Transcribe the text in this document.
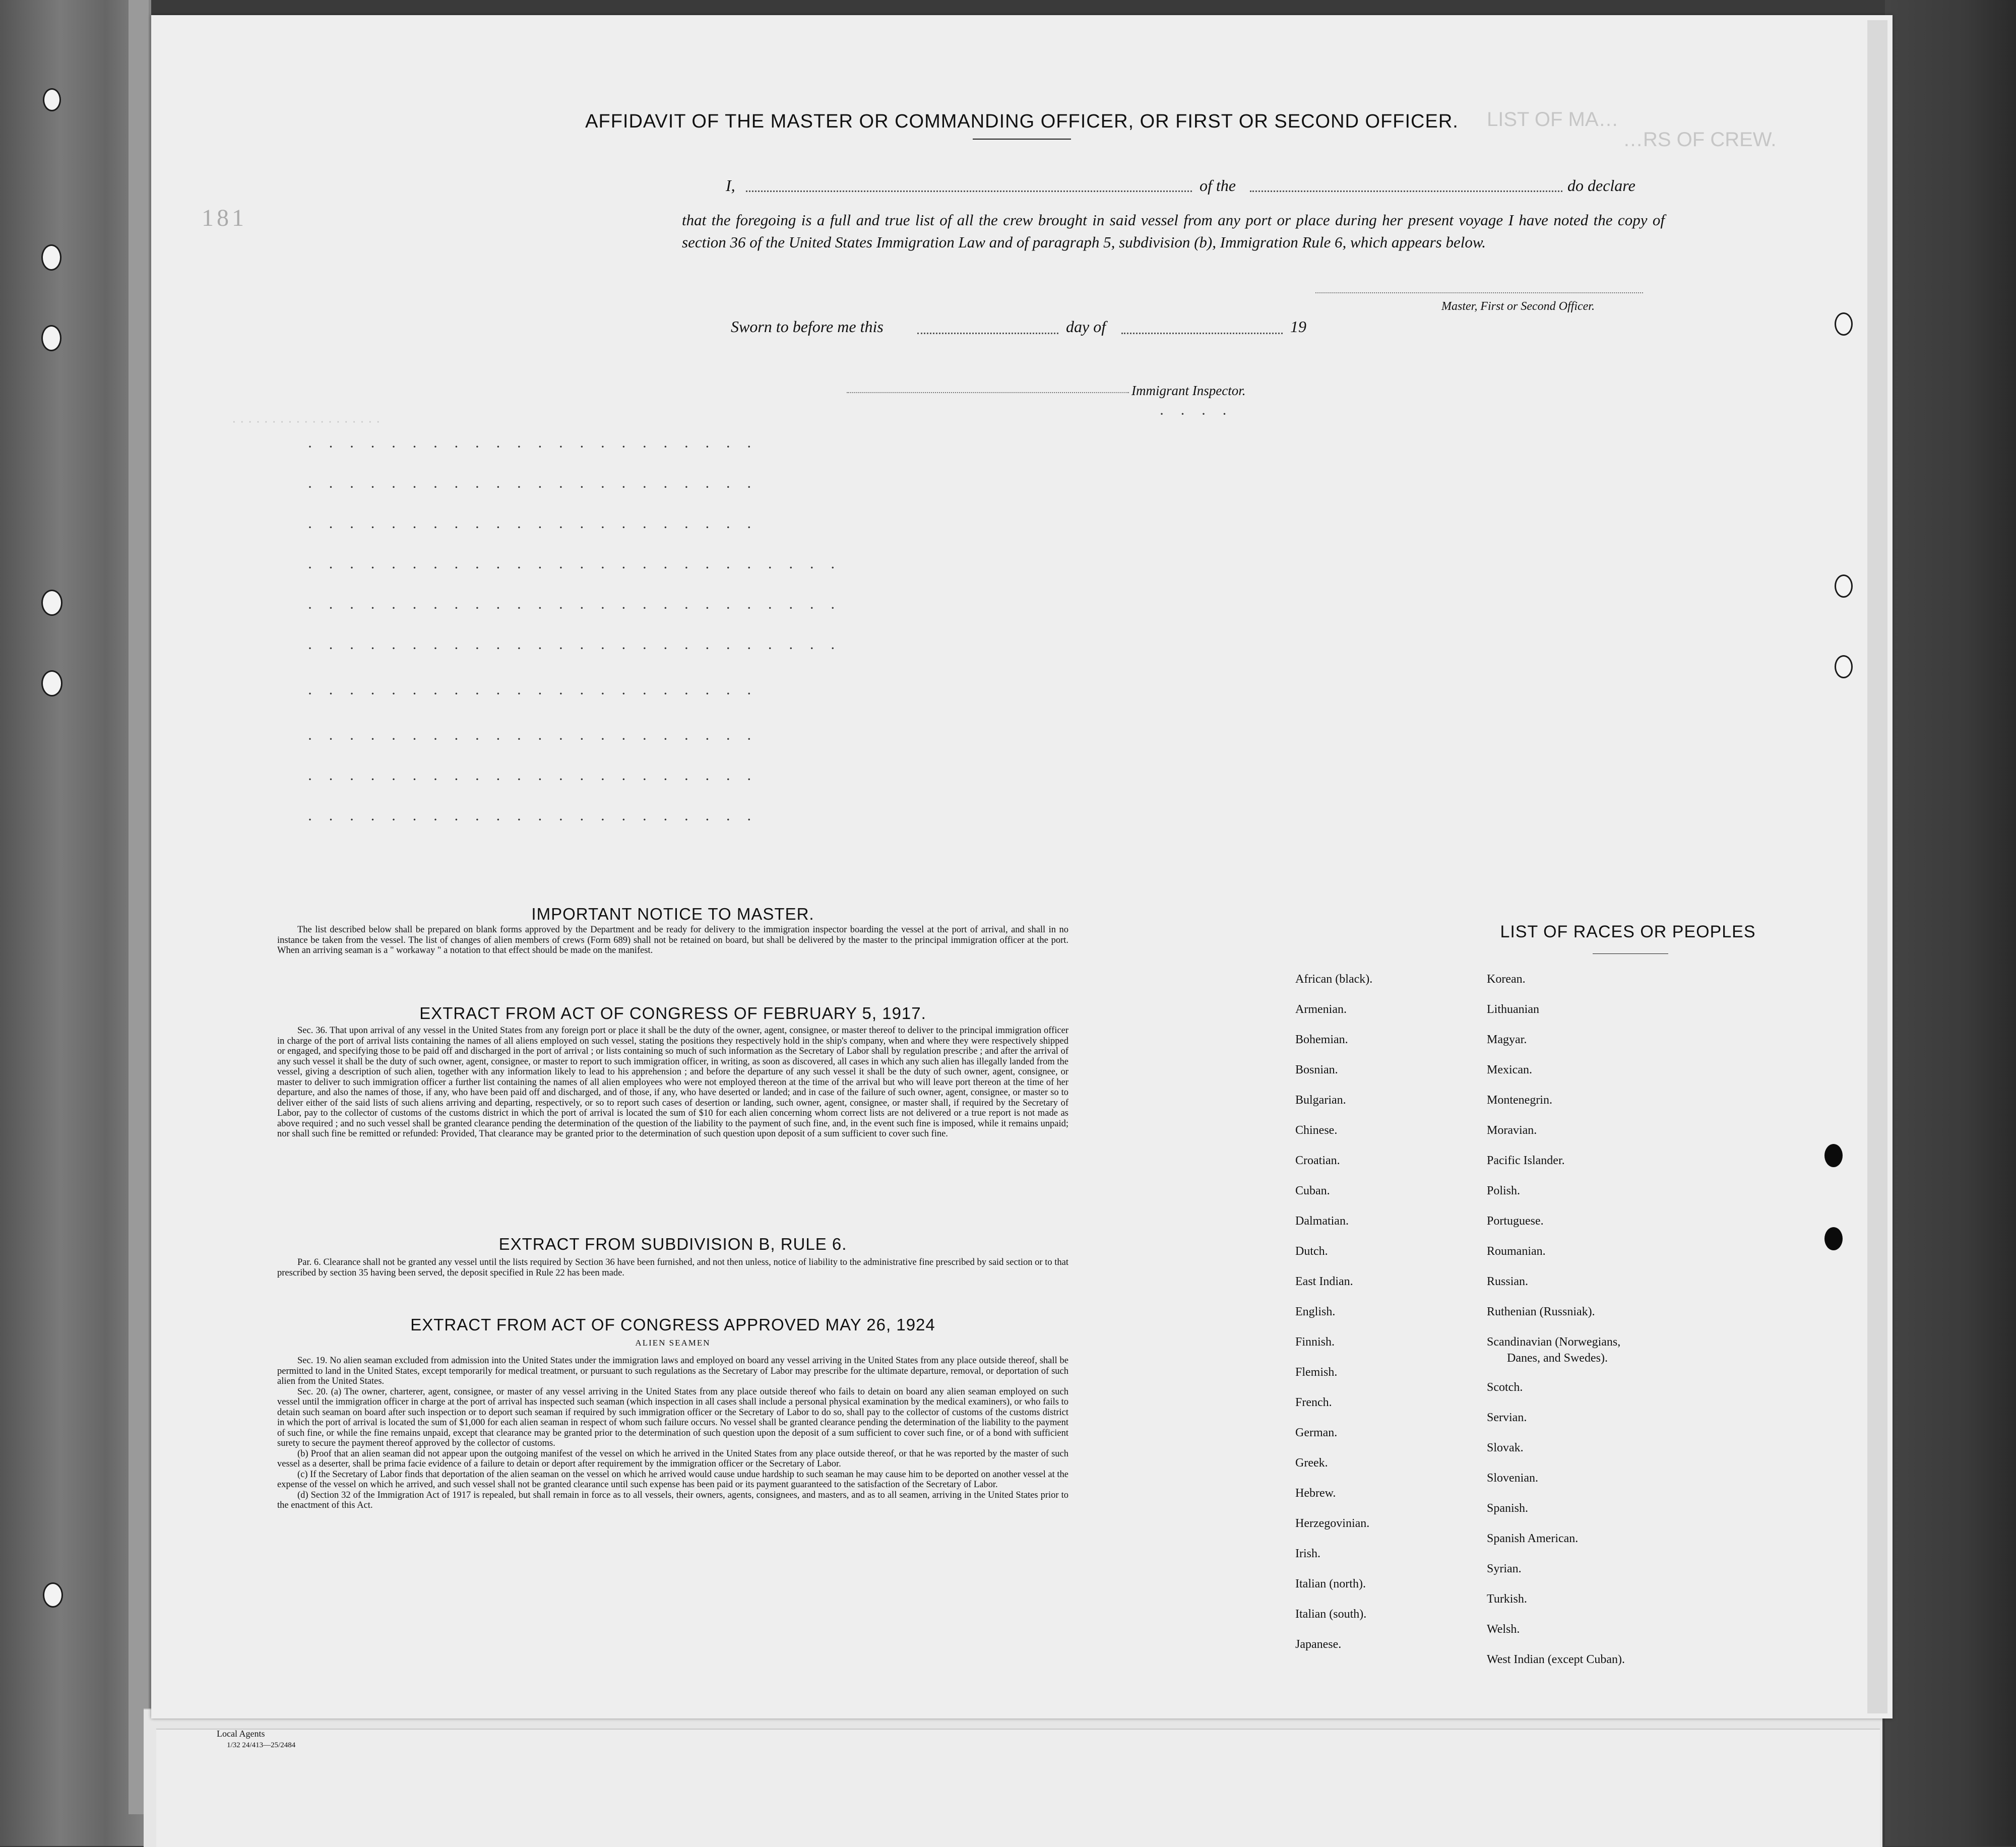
LIST OF MA…
…RS OF CREW.
· · · · · · · · · · · · · · · · · · ·
181
AFFIDAVIT OF THE MASTER OR COMMANDING OFFICER, OR FIRST OR SECOND OFFICER.
I,	of the	do declare
that the foregoing is a full and true list of all the crew brought in said vessel from any port or place during her present voyage I have noted the copy of section 36 of the United States Immigration Law and of paragraph 5, subdivision (b), Immigration Rule 6, which appears below.
Master, First or Second Officer.
Sworn to before me this	day of	19
Immigrant Inspector.
· · · ·
· · · · · · · · · · · · · · · · · · · · · ·
· · · · · · · · · · · · · · · · · · · · · ·
· · · · · · · · · · · · · · · · · · · · · ·
· · · · · · · · · · · · · · · · · · · · · · · · · ·
· · · · · · · · · · · · · · · · · · · · · · · · · ·
· · · · · · · · · · · · · · · · · · · · · · · · · ·
· · · · · · · · · · · · · · · · · · · · · ·
· · · · · · · · · · · · · · · · · · · · · ·
· · · · · · · · · · · · · · · · · · · · · ·
· · · · · · · · · · · · · · · · · · · · · ·
IMPORTANT NOTICE TO MASTER.

The list described below shall be prepared on blank forms approved by the Department and be ready for delivery to the immigration inspector boarding the vessel at the port of arrival, and shall in no instance be taken from the vessel. The list of changes of alien members of crews (Form 689) shall not be retained on board, but shall be delivered by the master to the principal immigration officer at the port. When an arriving seaman is a " workaway " a notation to that effect should be made on the manifest.

EXTRACT FROM ACT OF CONGRESS OF FEBRUARY 5, 1917.

Sec. 36. That upon arrival of any vessel in the United States from any foreign port or place it shall be the duty of the owner, agent, consignee, or master thereof to deliver to the principal immigration officer in charge of the port of arrival lists containing the names of all aliens employed on such vessel, stating the positions they respectively hold in the ship's company, when and where they were respectively shipped or engaged, and specifying those to be paid off and discharged in the port of arrival ; or lists containing so much of such information as the Secretary of Labor shall by regulation prescribe ; and after the arrival of any such vessel it shall be the duty of such owner, agent, consignee, or master to report to such immigration officer, in writing, as soon as discovered, all cases in which any such alien has illegally landed from the vessel, giving a description of such alien, together with any information likely to lead to his apprehension ; and before the departure of any such vessel it shall be the duty of such owner, agent, consignee, or master to deliver to such immigration officer a further list containing the names of all alien employees who were not employed thereon at the time of the arrival but who will leave port thereon at the time of her departure, and also the names of those, if any, who have been paid off and discharged, and of those, if any, who have deserted or landed; and in case of the failure of such owner, agent, consignee, or master so to deliver either of the said lists of such aliens arriving and departing, respectively, or so to report such cases of desertion or landing, such owner, agent, consignee, or master shall, if required by the Secretary of Labor, pay to the collector of customs of the customs district in which the port of arrival is located the sum of $10 for each alien concerning whom correct lists are not delivered or a true report is not made as above required ; and no such vessel shall be granted clearance pending the determination of the question of the liability to the payment of such fine, and, in the event such fine is imposed, while it remains unpaid; nor shall such fine be remitted or refunded: Provided, That clearance may be granted prior to the determination of such question upon deposit of a sum sufficient to cover such fine.

EXTRACT FROM SUBDIVISION B, RULE 6.

Par. 6. Clearance shall not be granted any vessel until the lists required by Section 36 have been furnished, and not then unless, notice of liability to the administrative fine prescribed by said section or to that prescribed by section 35 having been served, the deposit specified in Rule 22 has been made.

EXTRACT FROM ACT OF CONGRESS APPROVED MAY 26, 1924
ALIEN SEAMEN

Sec. 19. No alien seaman excluded from admission into the United States under the immigration laws and employed on board any vessel arriving in the United States from any place outside thereof, shall be permitted to land in the United States, except temporarily for medical treatment, or pursuant to such regulations as the Secretary of Labor may prescribe for the ultimate departure, removal, or deportation of such alien from the United States.

Sec. 20. (a) The owner, charterer, agent, consignee, or master of any vessel arriving in the United States from any place outside thereof who fails to detain on board any alien seaman employed on such vessel until the immigration officer in charge at the port of arrival has inspected such seaman (which inspection in all cases shall include a personal physical examination by the medical examiners), or who fails to detain such seaman on board after such inspection or to deport such seaman if required by such immigration officer or the Secretary of Labor to do so, shall pay to the collector of customs of the customs district in which the port of arrival is located the sum of $1,000 for each alien seaman in respect of whom such failure occurs. No vessel shall be granted clearance pending the determination of the liability to the payment of such fine, or while the fine remains unpaid, except that clearance may be granted prior to the determination of such question upon the deposit of a sum sufficient to cover such fine, or of a bond with sufficient surety to secure the payment thereof approved by the collector of customs.

(b) Proof that an alien seaman did not appear upon the outgoing manifest of the vessel on which he arrived in the United States from any place outside thereof, or that he was reported by the master of such vessel as a deserter, shall be prima facie evidence of a failure to detain or deport after requirement by the immigration officer or the Secretary of Labor.

(c) If the Secretary of Labor finds that deportation of the alien seaman on the vessel on which he arrived would cause undue hardship to such seaman he may cause him to be deported on another vessel at the expense of the vessel on which he arrived, and such vessel shall not be granted clearance until such expense has been paid or its payment guaranteed to the satisfaction of the Secretary of Labor.

(d) Section 32 of the Immigration Act of 1917 is repealed, but shall remain in force as to all vessels, their owners, agents, consignees, and masters, and as to all seamen, arriving in the United States prior to the enactment of this Act.

LIST OF RACES OR PEOPLES
African (black).
Armenian.
Bohemian.
Bosnian.
Bulgarian.
Chinese.
Croatian.
Cuban.
Dalmatian.
Dutch.
East Indian.
English.
Finnish.
Flemish.
French.
German.
Greek.
Hebrew.
Herzegovinian.
Irish.
Italian (north).
Italian (south).
Japanese.
Korean.
Lithuanian
Magyar.
Mexican.
Montenegrin.
Moravian.
Pacific Islander.
Polish.
Portuguese.
Roumanian.
Russian.
Ruthenian (Russniak).
Scandinavian (Norwegians,
Danes, and Swedes).
Scotch.
Servian.
Slovak.
Slovenian.
Spanish.
Spanish American.
Syrian.
Turkish.
Welsh.
West Indian (except Cuban).
Local Agents
1/32 24/413—25/2484
